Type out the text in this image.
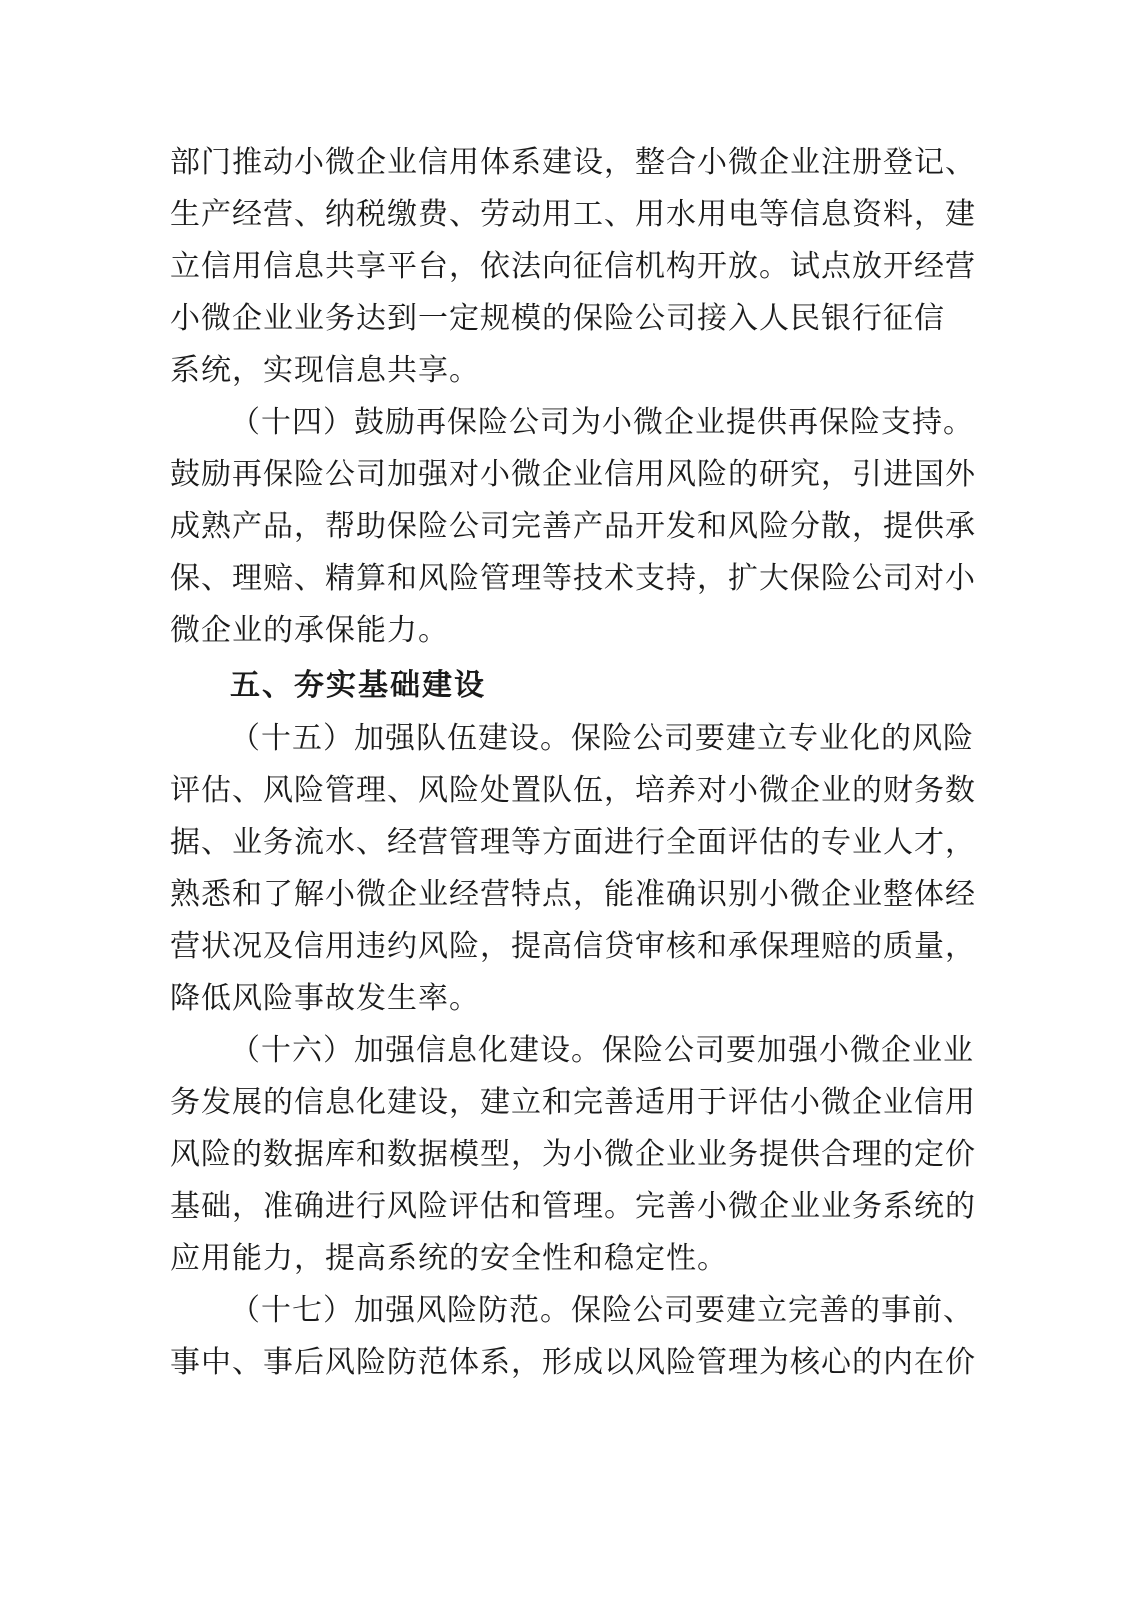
部门推动小微企业信用体系建设，整合小微企业注册登记、
生产经营、纳税缴费、劳动用工、用水用电等信息资料，建
立信用信息共享平台，依法向征信机构开放。试点放开经营
小微企业业务达到一定规模的保险公司接入人民银行征信
系统，实现信息共享。
（十四）鼓励再保险公司为小微企业提供再保险支持。
鼓励再保险公司加强对小微企业信用风险的研究，引进国外
成熟产品，帮助保险公司完善产品开发和风险分散，提供承
保、理赔、精算和风险管理等技术支持，扩大保险公司对小
微企业的承保能力。
五、夯实基础建设
（十五）加强队伍建设。保险公司要建立专业化的风险
评估、风险管理、风险处置队伍，培养对小微企业的财务数
据、业务流水、经营管理等方面进行全面评估的专业人才，
熟悉和了解小微企业经营特点，能准确识别小微企业整体经
营状况及信用违约风险，提高信贷审核和承保理赔的质量，
降低风险事故发生率。
（十六）加强信息化建设。保险公司要加强小微企业业
务发展的信息化建设，建立和完善适用于评估小微企业信用
风险的数据库和数据模型，为小微企业业务提供合理的定价
基础，准确进行风险评估和管理。完善小微企业业务系统的
应用能力，提高系统的安全性和稳定性。
（十七）加强风险防范。保险公司要建立完善的事前、
事中、事后风险防范体系，形成以风险管理为核心的内在价
